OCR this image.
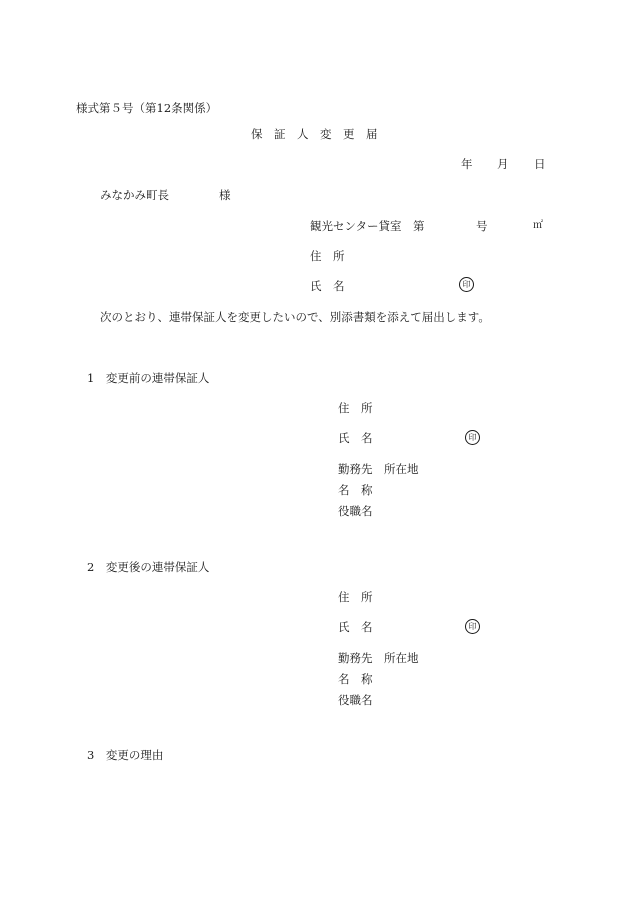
様式第５号（第12条関係）
保　証　人　変　更　届
年 月 日
みなかみ町長	様
観光センター貸室　第	号	㎡
住　所
氏　名	印
次のとおり、連帯保証人を変更したいので、別添書類を添えて届出します。
1　変更前の連帯保証人
住　所
氏　名	印
勤務先　所在地
名　称
役職名
2　変更後の連帯保証人
住　所
氏　名	印
勤務先　所在地
名　称
役職名
3　変更の理由
